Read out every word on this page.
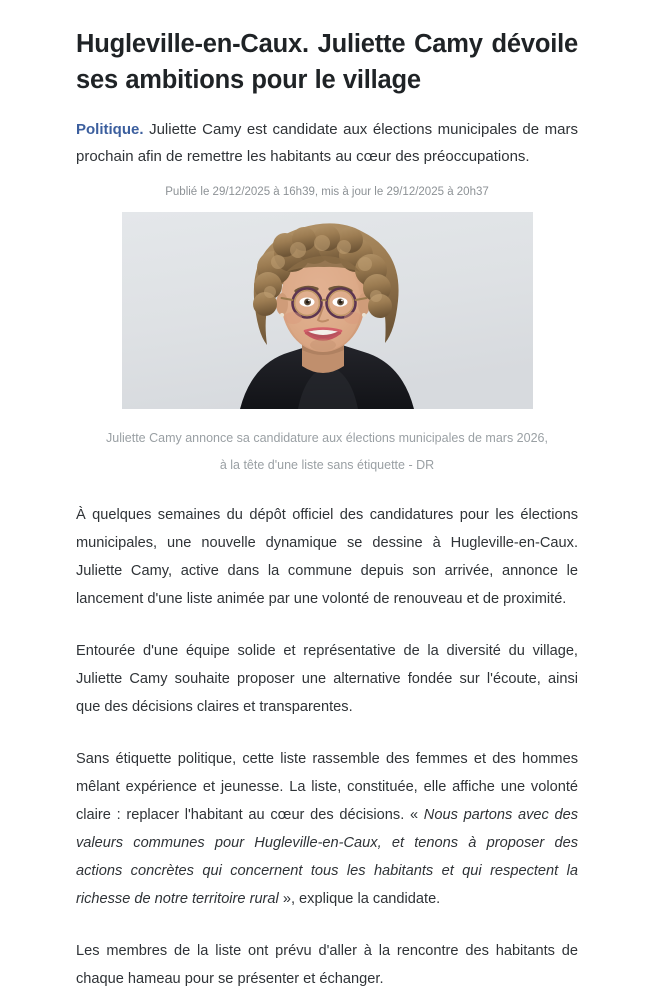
Hugleville-en-Caux. Juliette Camy dévoile ses ambitions pour le village

Politique. Juliette Camy est candidate aux élections municipales de mars prochain afin de remettre les habitants au cœur des préoccupations.

Publié le 29/12/2025 à 16h39, mis à jour le 29/12/2025 à 20h37

Juliette Camy annonce sa candidature aux élections municipales de mars 2026,
à la tête d'une liste sans étiquette - DR

À quelques semaines du dépôt officiel des candidatures pour les élections municipales, une nouvelle dynamique se dessine à Hugleville-en-Caux. Juliette Camy, active dans la commune depuis son arrivée, annonce le lancement d'une liste animée par une volonté de renouveau et de proximité.

Entourée d'une équipe solide et représentative de la diversité du village, Juliette Camy souhaite proposer une alternative fondée sur l'écoute, ainsi que des décisions claires et transparentes.

Sans étiquette politique, cette liste rassemble des femmes et des hommes mêlant expérience et jeunesse. La liste, constituée, elle affiche une volonté claire : replacer l'habitant au cœur des décisions. « Nous partons avec des valeurs communes pour Hugleville-en-Caux, et tenons à proposer des actions concrètes qui concernent tous les habitants et qui respectent la richesse de notre territoire rural », explique la candidate.

Les membres de la liste ont prévu d'aller à la rencontre des habitants de chaque hameau pour se présenter et échanger.
